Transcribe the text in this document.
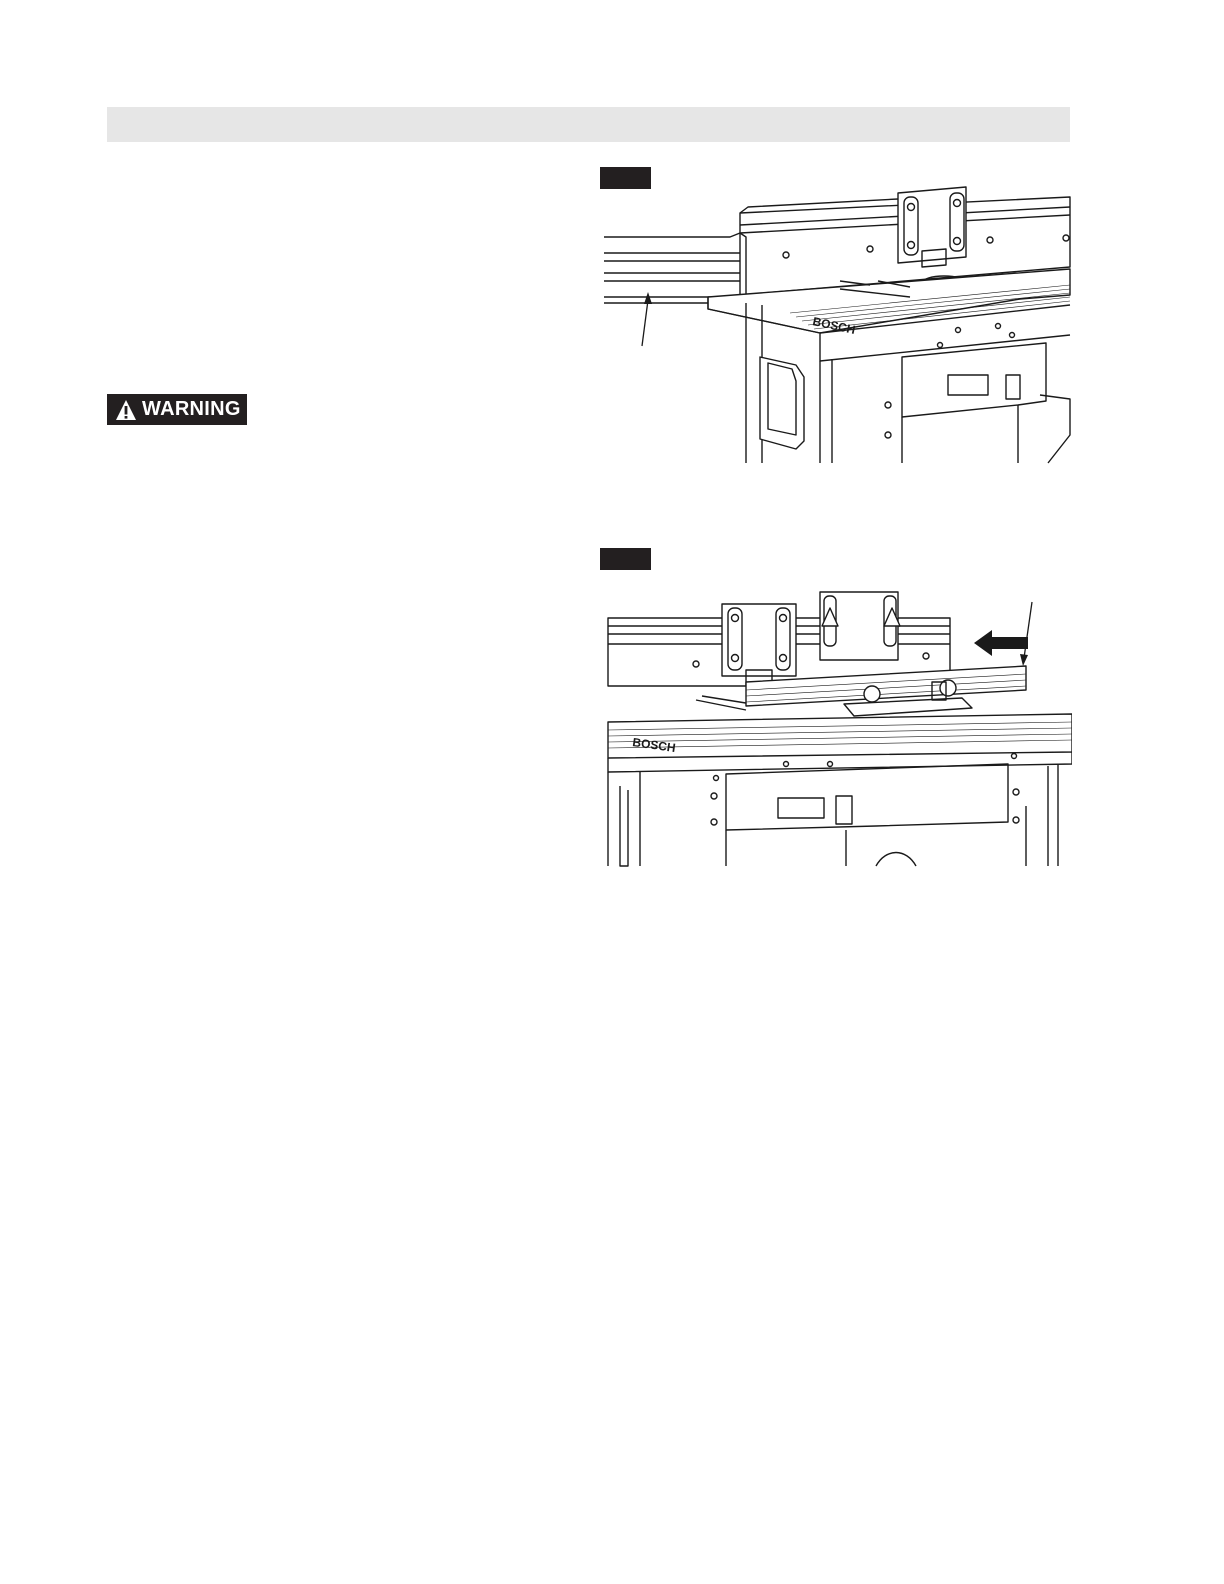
WARNING
BOSCH
BOSCH
